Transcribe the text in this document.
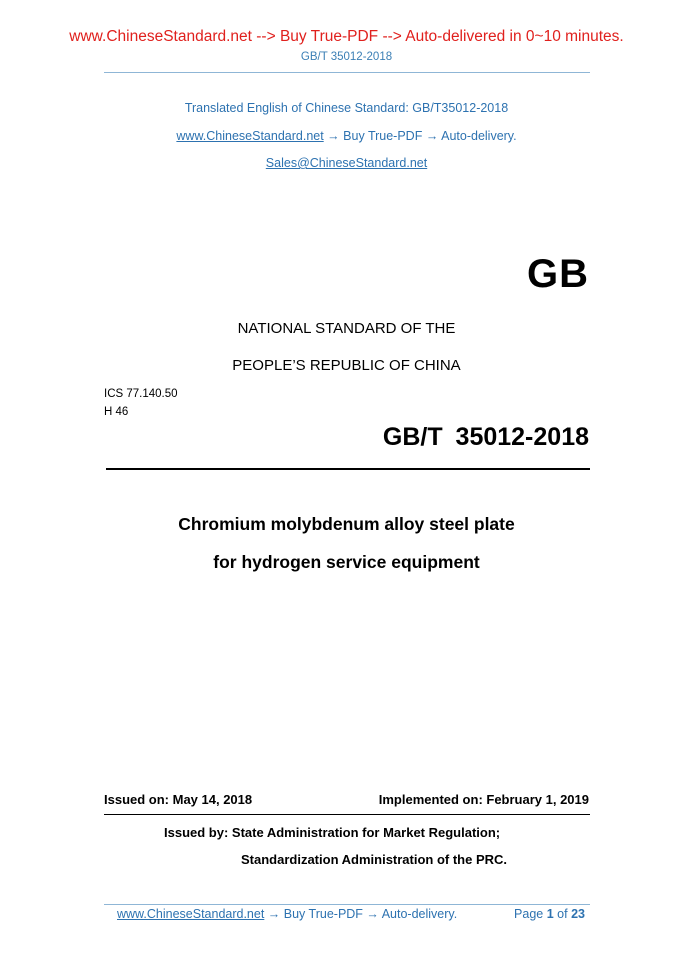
www.ChineseStandard.net --> Buy True-PDF --> Auto-delivered in 0~10 minutes.
GB/T 35012-2018
Translated English of Chinese Standard: GB/T35012-2018
www.ChineseStandard.net → Buy True-PDF → Auto-delivery.
Sales@ChineseStandard.net
GB
NATIONAL STANDARD OF THE
PEOPLE’S REPUBLIC OF CHINA
ICS 77.140.50
H 46
GB/T 35012-2018
Chromium molybdenum alloy steel plate
for hydrogen service equipment
Issued on: May 14, 2018	Implemented on: February 1, 2019
Issued by: State Administration for Market Regulation;
Standardization Administration of the PRC.
www.ChineseStandard.net → Buy True-PDF → Auto-delivery.	Page 1 of 23
